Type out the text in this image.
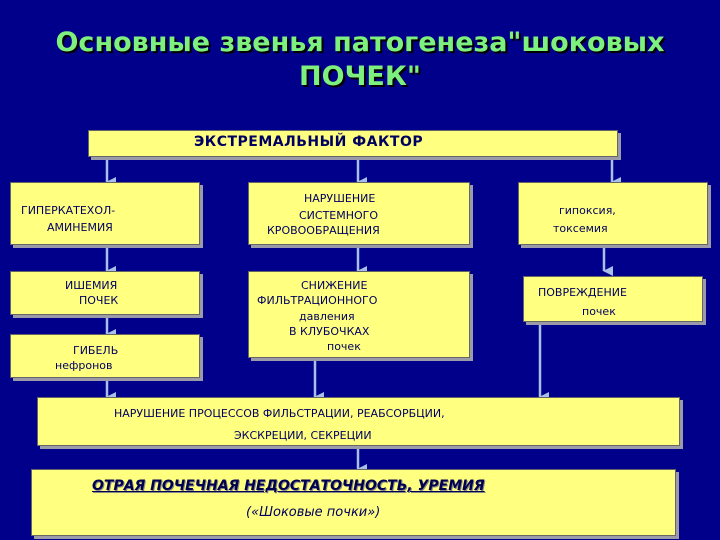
Основные звенья патогенеза"шоковых
ПОЧЕК"
ЭКСТРЕМАЛЬНЫЙ ФАКТОР
ГИПЕРКАТЕХОЛ-
АМИНЕМИЯ
НАРУШЕНИЕ
СИСТЕМНОГО
КРОВООБРАЩЕНИЯ
гипоксия,
токсемия
ИШЕМИЯ
ПОЧЕК
СНИЖЕНИЕ
ФИЛЬТРАЦИОННОГО
давления
В КЛУБОЧКАХ
почек
ПОВРЕЖДЕНИЕ
почек
ГИБЕЛЬ
нефронов
НАРУШЕНИЕ ПРОЦЕССОВ ФИЛЬСТРАЦИИ, РЕАБСОРБЦИИ,
ЭКСКРЕЦИИ, СЕКРЕЦИИ
ОТРАЯ ПОЧЕЧНАЯ НЕДОСТАТОЧНОСТЬ, УРЕМИЯ
(«Шоковые почки»)
